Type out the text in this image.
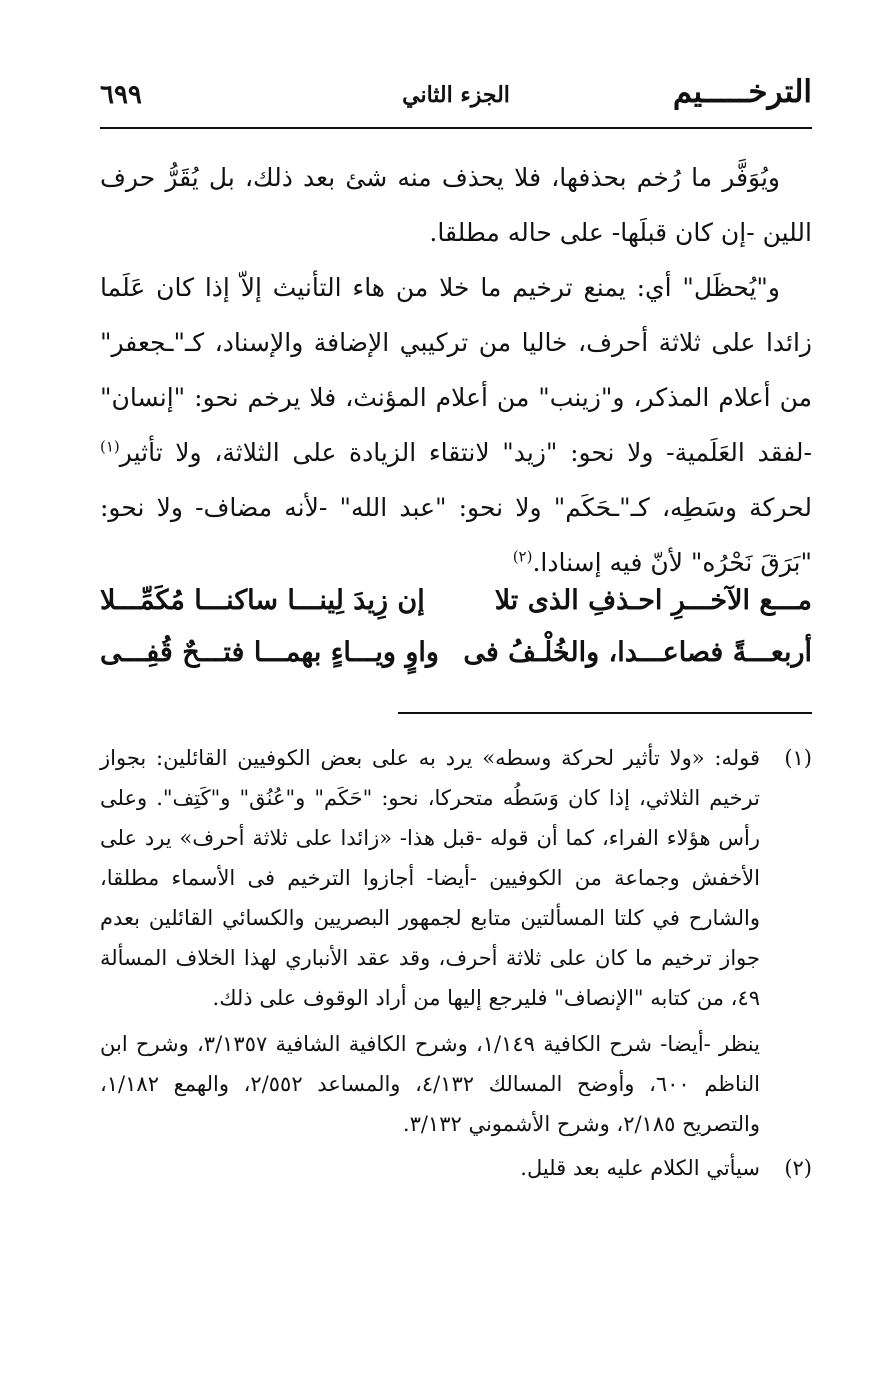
الترخـــــيم
الجزء الثاني
٦٩٩

ويُوَفَّر ما رُخم بحذفها، فلا يحذف منه شئ بعد ذلك، بل يُقَرُّ حرف اللين -إن كان قبلَها- على حاله مطلقا.

و"يُحظَل" أي: يمنع ترخيم ما خلا من هاء التأنيث إلاّ إذا كان عَلَما زائدا على ثلاثة أحرف، خاليا من تركيبي الإضافة والإسناد، كـ"ـجعفر" من أعلام المذكر، و"زينب" من أعلام المؤنث، فلا يرخم نحو: "إنسان" -لفقد العَلَمية- ولا نحو: "زيد" لانتقاء الزيادة على الثلاثة، ولا تأثير$^{(١)}$ لحركة وسَطِه، كـ"ـحَكَم" ولا نحو: "عبد الله" -لأنه مضاف- ولا نحو: "بَرَقَ نَحْرُه" لأنّ فيه إسنادا.$^{(٢)}$

مـــع الآخـــرِ احـذفِ الذى تلا
إن زِيدَ لِينـــا ساكنـــا مُكَمِّـــلا
أربعـــةً فصاعـــدا، والخُلْـفُ فى
واوٍ ويـــاءٍ بهمـــا فتـــحٌ قُفِـــى
(١)

قوله: «ولا تأثير لحركة وسطه» يرد به على بعض الكوفيين القائلين: بجواز ترخيم الثلاثي، إذا كان وَسَطُه متحركا، نحو: "حَكَم" و"عُنُق" و"كَتِف". وعلى رأس هؤلاء الفراء، كما أن قوله -قبل هذا- «زائدا على ثلاثة أحرف» يرد على الأخفش وجماعة من الكوفيين -أيضا- أجازوا الترخيم فى الأسماء مطلقا، والشارح في كلتا المسألتين متابع لجمهور البصريين والكسائي القائلين بعدم جواز ترخيم ما كان على ثلاثة أحرف، وقد عقد الأنباري لهذا الخلاف المسألة ٤٩، من كتابه "الإنصاف" فليرجع إليها من أراد الوقوف على ذلك.

ينظر -أيضا- شرح الكافية ١/١٤٩، وشرح الكافية الشافية ٣/١٣٥٧، وشرح ابن الناظم ٦٠٠، وأوضح المسالك ٤/١٣٢، والمساعد ٢/٥٥٢، والهمع ١/١٨٢، والتصريح ٢/١٨٥، وشرح الأشموني ٣/١٣٢.

(٢)

سيأتي الكلام عليه بعد قليل.
